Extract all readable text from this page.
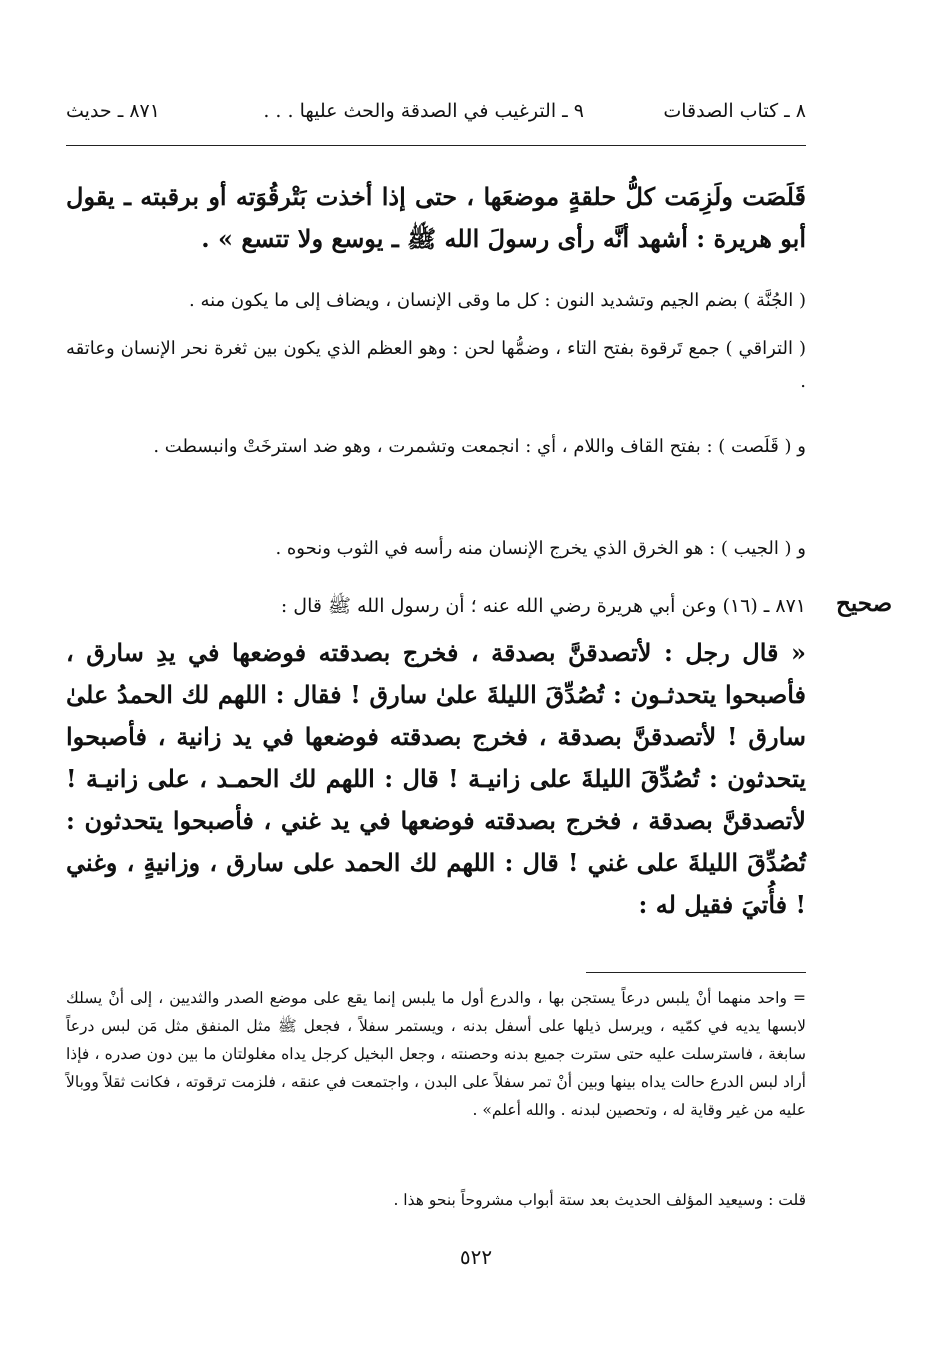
٨ ـ كتاب الصدقات
٩ ـ الترغيب في الصدقة والحث عليها . . .
٨٧١ ـ حديث
قَلَصَت ولَزِمَت كلُّ حلقةٍ موضعَها ، حتى إذا أخذت بَتْرقُوَته أو برقبته ـ يقول أبو هريرة : أشهد أنَّه رأى رسولَ الله ﷺ ـ يوسع ولا تتسع » .
( الجُنَّة ) بضم الجيم وتشديد النون : كل ما وقى الإنسان ، ويضاف إلى ما يكون منه .
( التراقي ) جمع تَرقوة بفتح التاء ، وضمُّها لحن : وهو العظم الذي يكون بين ثغرة نحر الإنسان وعاتقه .
و ( قَلَصت ) : بفتح القاف واللام ، أي : انجمعت وتشمرت ، وهو ضد استرخَتْ وانبسطت .
و ( الجيب ) : هو الخرق الذي يخرج الإنسان منه رأسه في الثوب ونحوه .
صحيح
٨٧١ ـ (١٦) وعن أبي هريرة رضي الله عنه ؛ أن رسول الله ﷺ قال :
« قال رجل : لأتصدقنَّ بصدقة ، فخرج بصدقته فوضعها في يدِ سارق ، فأصبحوا يتحدثـون : تُصُدِّقَ الليلةَ علىٰ سارق ! فقال : اللهم لك الحمدُ علىٰ سارق ! لأتصدقنَّ بصدقة ، فخرج بصدقته فوضعها في يد زانية ، فأصبحوا يتحدثون : تُصُدِّقَ الليلةَ على زانيـة ! قال : اللهم لك الحمـد ، على زانيـة ! لأتصدقنَّ بصدقة ، فخرج بصدقته فوضعها في يد غني ، فأصبحوا يتحدثون : تُصُدِّقَ الليلةَ على غني ! قال : اللهم لك الحمد على سارق ، وزانيةٍ ، وغني ! فأُتيَ فقيل له :
= واحد منهما أنْ يلبس درعاً يستجن بها ، والدرع أول ما يلبس إنما يقع على موضع الصدر والثديين ، إلى أنْ يسلك لابسها يديه في كمّيه ، ويرسل ذيلها على أسفل بدنه ، ويستمر سفلاً ، فجعل ﷺ مثل المنفق مثل مَن لبس درعاً سابغة ، فاسترسلت عليه حتى سترت جميع بدنه وحصنته ، وجعل البخيل كرجل يداه مغلولتان ما بين دون صدره ، فإذا أراد لبس الدرع حالت يداه بينها وبين أنْ تمر سفلاً على البدن ، واجتمعت في عنقه ، فلزمت ترقوته ، فكانت ثقلاً ووبالاً عليه من غير وقاية له ، وتحصين لبدنه . والله أعلم» .
قلت : وسيعيد المؤلف الحديث بعد ستة أبواب مشروحاً بنحو هذا .
٥٢٢
